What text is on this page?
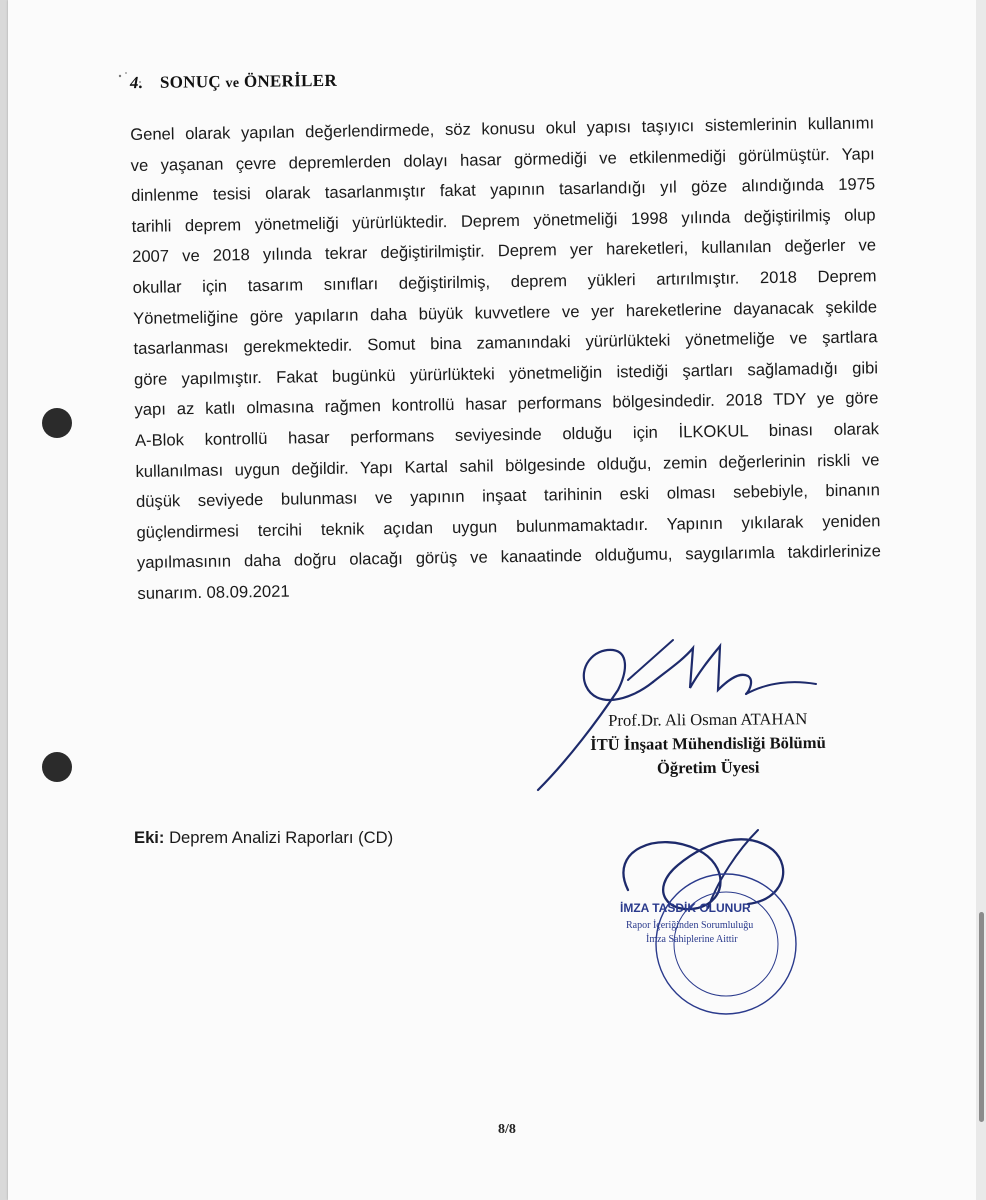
4. SONUÇ ve ÖNERİLER
Genel olarak yapılan değerlendirmede, söz konusu okul yapısı taşıyıcı sistemlerinin kullanımı
ve yaşanan çevre depremlerden dolayı hasar görmediği ve etkilenmediği görülmüştür. Yapı
dinlenme tesisi olarak tasarlanmıştır fakat yapının tasarlandığı yıl göze alındığında 1975
tarihli deprem yönetmeliği yürürlüktedir. Deprem yönetmeliği 1998 yılında değiştirilmiş olup
2007 ve 2018 yılında tekrar değiştirilmiştir. Deprem yer hareketleri, kullanılan değerler ve
okullar için tasarım sınıfları değiştirilmiş, deprem yükleri artırılmıştır. 2018 Deprem
Yönetmeliğine göre yapıların daha büyük kuvvetlere ve yer hareketlerine dayanacak şekilde
tasarlanması gerekmektedir. Somut bina zamanındaki yürürlükteki yönetmeliğe ve şartlara
göre yapılmıştır. Fakat bugünkü yürürlükteki yönetmeliğin istediği şartları sağlamadığı gibi
yapı az katlı olmasına rağmen kontrollü hasar performans bölgesindedir. 2018 TDY ye göre
A-Blok kontrollü hasar performans seviyesinde olduğu için İLKOKUL binası olarak
kullanılması uygun değildir. Yapı Kartal sahil bölgesinde olduğu, zemin değerlerinin riskli ve
düşük seviyede bulunması ve yapının inşaat tarihinin eski olması sebebiyle, binanın
güçlendirmesi tercihi teknik açıdan uygun bulunmamaktadır. Yapının yıkılarak yeniden
yapılmasının daha doğru olacağı görüş ve kanaatinde olduğumu, saygılarımla takdirlerinize
sunarım. 08.09.2021
Prof.Dr. Ali Osman ATAHAN
İTÜ İnşaat Mühendisliği Bölümü
Öğretim Üyesi
Eki: Deprem Analizi Raporları (CD)
İMZA TASDİK OLUNUR
Rapor İçeriğinden Sorumluluğu
İmza Sahiplerine Aittir
8/8
